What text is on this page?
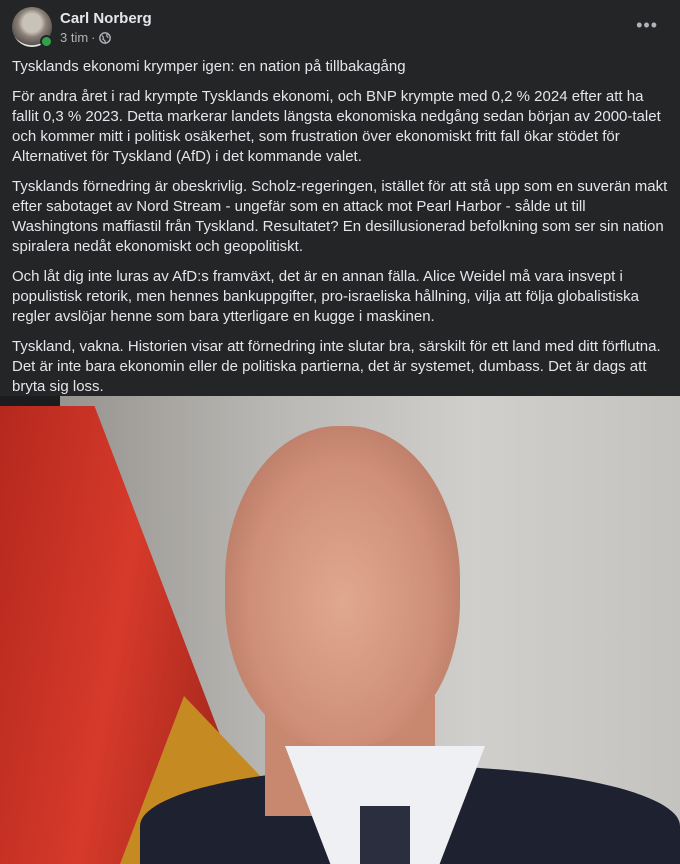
Carl Norberg
3 tim ·
•••

Tysklands ekonomi krymper igen: en nation på tillbakagång

För andra året i rad krympte Tysklands ekonomi, och BNP krympte med 0,2 % 2024 efter att ha fallit 0,3 % 2023. Detta markerar landets längsta ekonomiska nedgång sedan början av 2000-talet och kommer mitt i politisk osäkerhet, som frustration över ekonomiskt fritt fall ökar stödet för Alternativet för Tyskland (AfD) i det kommande valet.

Tysklands förnedring är obeskrivlig. Scholz-regeringen, istället för att stå upp som en suverän makt efter sabotaget av Nord Stream - ungefär som en attack mot Pearl Harbor - sålde ut till Washingtons maffiastil från Tyskland. Resultatet? En desillusionerad befolkning som ser sin nation spiralera nedåt ekonomiskt och geopolitiskt.

Och låt dig inte luras av AfD:s framväxt, det är en annan fälla. Alice Weidel må vara insvept i populistisk retorik, men hennes bankuppgifter, pro-israeliska hållning, vilja att följa globalistiska regler avslöjar henne som bara ytterligare en kugge i maskinen.

Tyskland, vakna. Historien visar att förnedring inte slutar bra, särskilt för ett land med ditt förflutna. Det är inte bara ekonomin eller de politiska partierna, det är systemet, dumbass. Det är dags att bryta sig loss.
